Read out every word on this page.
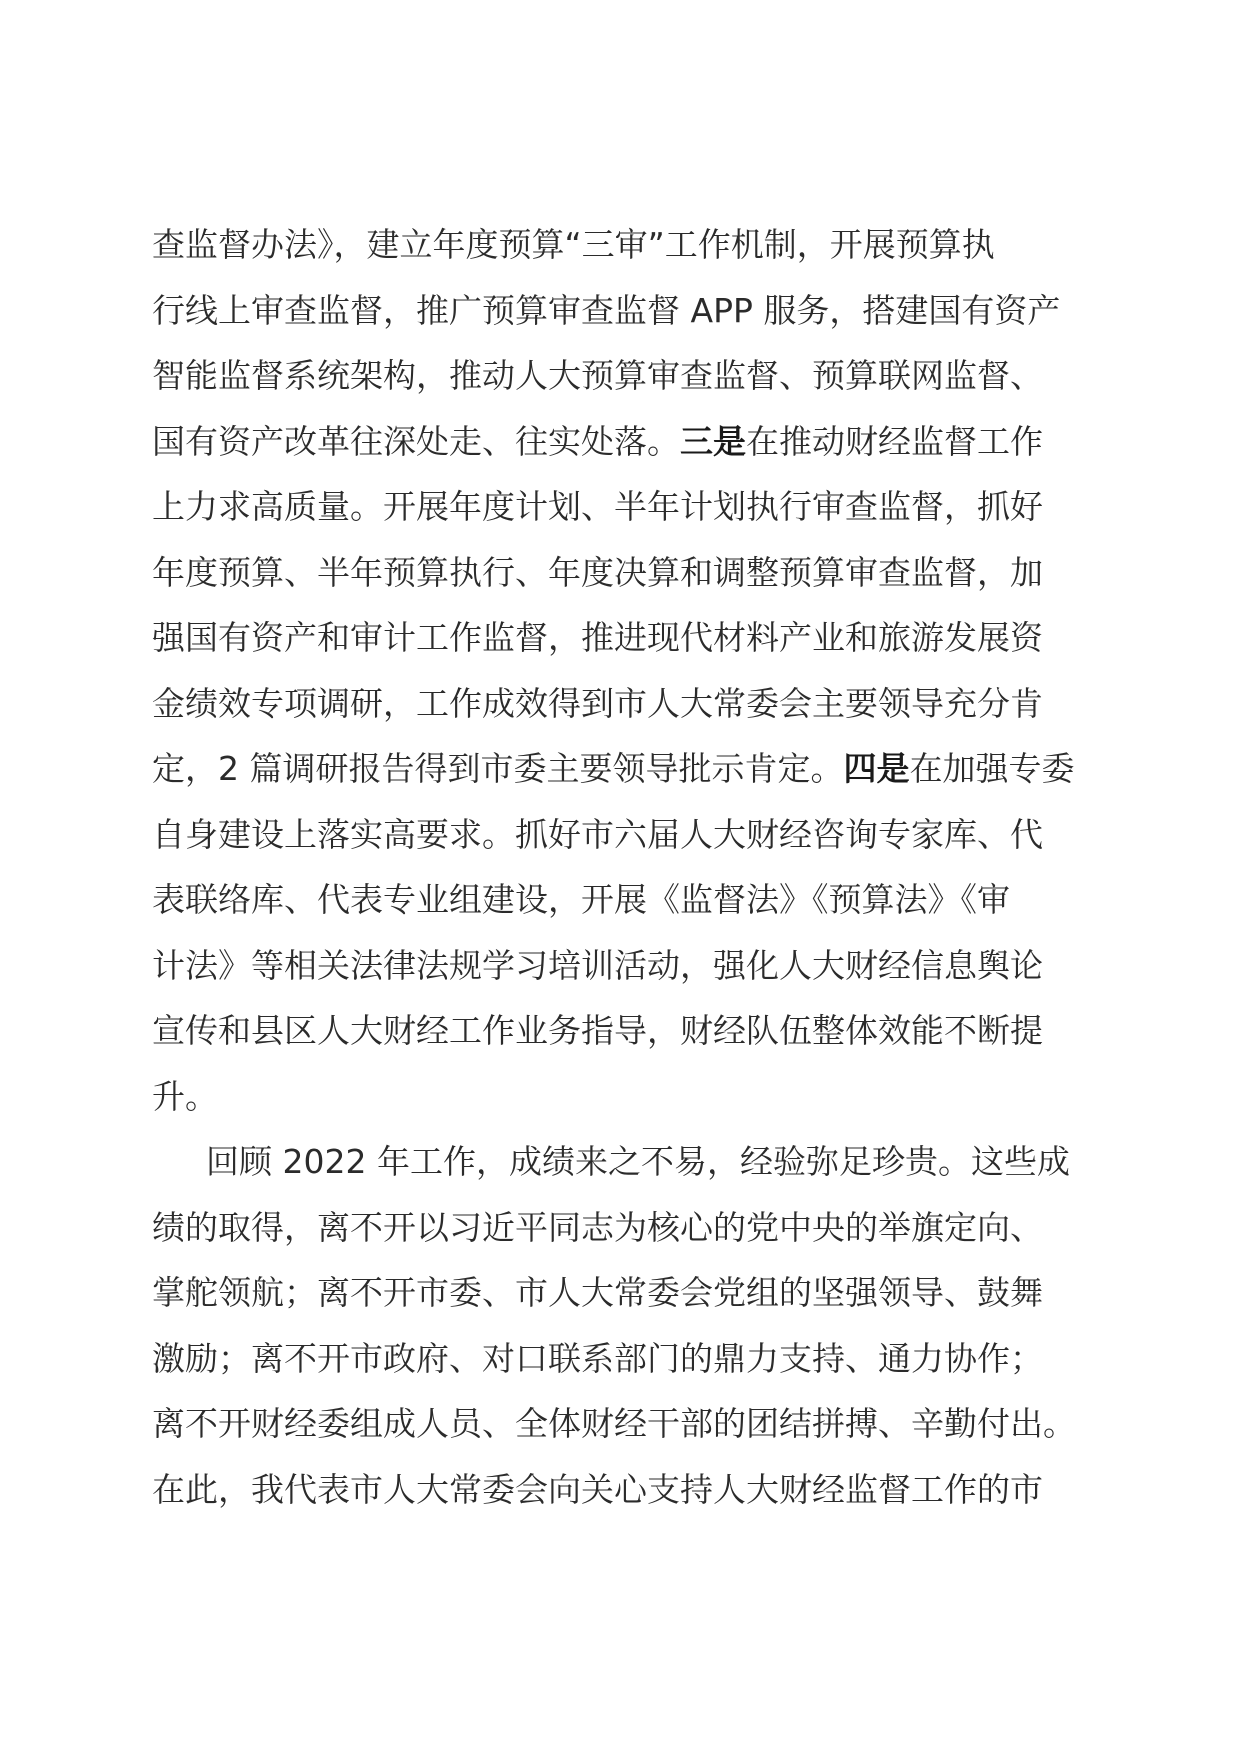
查监督办法》，建立年度预算“三审”工作机制，开展预算执
行线上审查监督，推广预算审查监督 APP 服务，搭建国有资产
智能监督系统架构，推动人大预算审查监督、预算联网监督、
国有资产改革往深处走、往实处落。三是在推动财经监督工作
上力求高质量。开展年度计划、半年计划执行审查监督，抓好
年度预算、半年预算执行、年度决算和调整预算审查监督，加
强国有资产和审计工作监督，推进现代材料产业和旅游发展资
金绩效专项调研，工作成效得到市人大常委会主要领导充分肯
定，2 篇调研报告得到市委主要领导批示肯定。四是在加强专委
自身建设上落实高要求。抓好市六届人大财经咨询专家库、代
表联络库、代表专业组建设，开展《监督法》《预算法》《审
计法》等相关法律法规学习培训活动，强化人大财经信息舆论
宣传和县区人大财经工作业务指导，财经队伍整体效能不断提
升。
回顾 2022 年工作，成绩来之不易，经验弥足珍贵。这些成
绩的取得，离不开以习近平同志为核心的党中央的举旗定向、
掌舵领航；离不开市委、市人大常委会党组的坚强领导、鼓舞
激励；离不开市政府、对口联系部门的鼎力支持、通力协作；
离不开财经委组成人员、全体财经干部的团结拼搏、辛勤付出。
在此，我代表市人大常委会向关心支持人大财经监督工作的市
